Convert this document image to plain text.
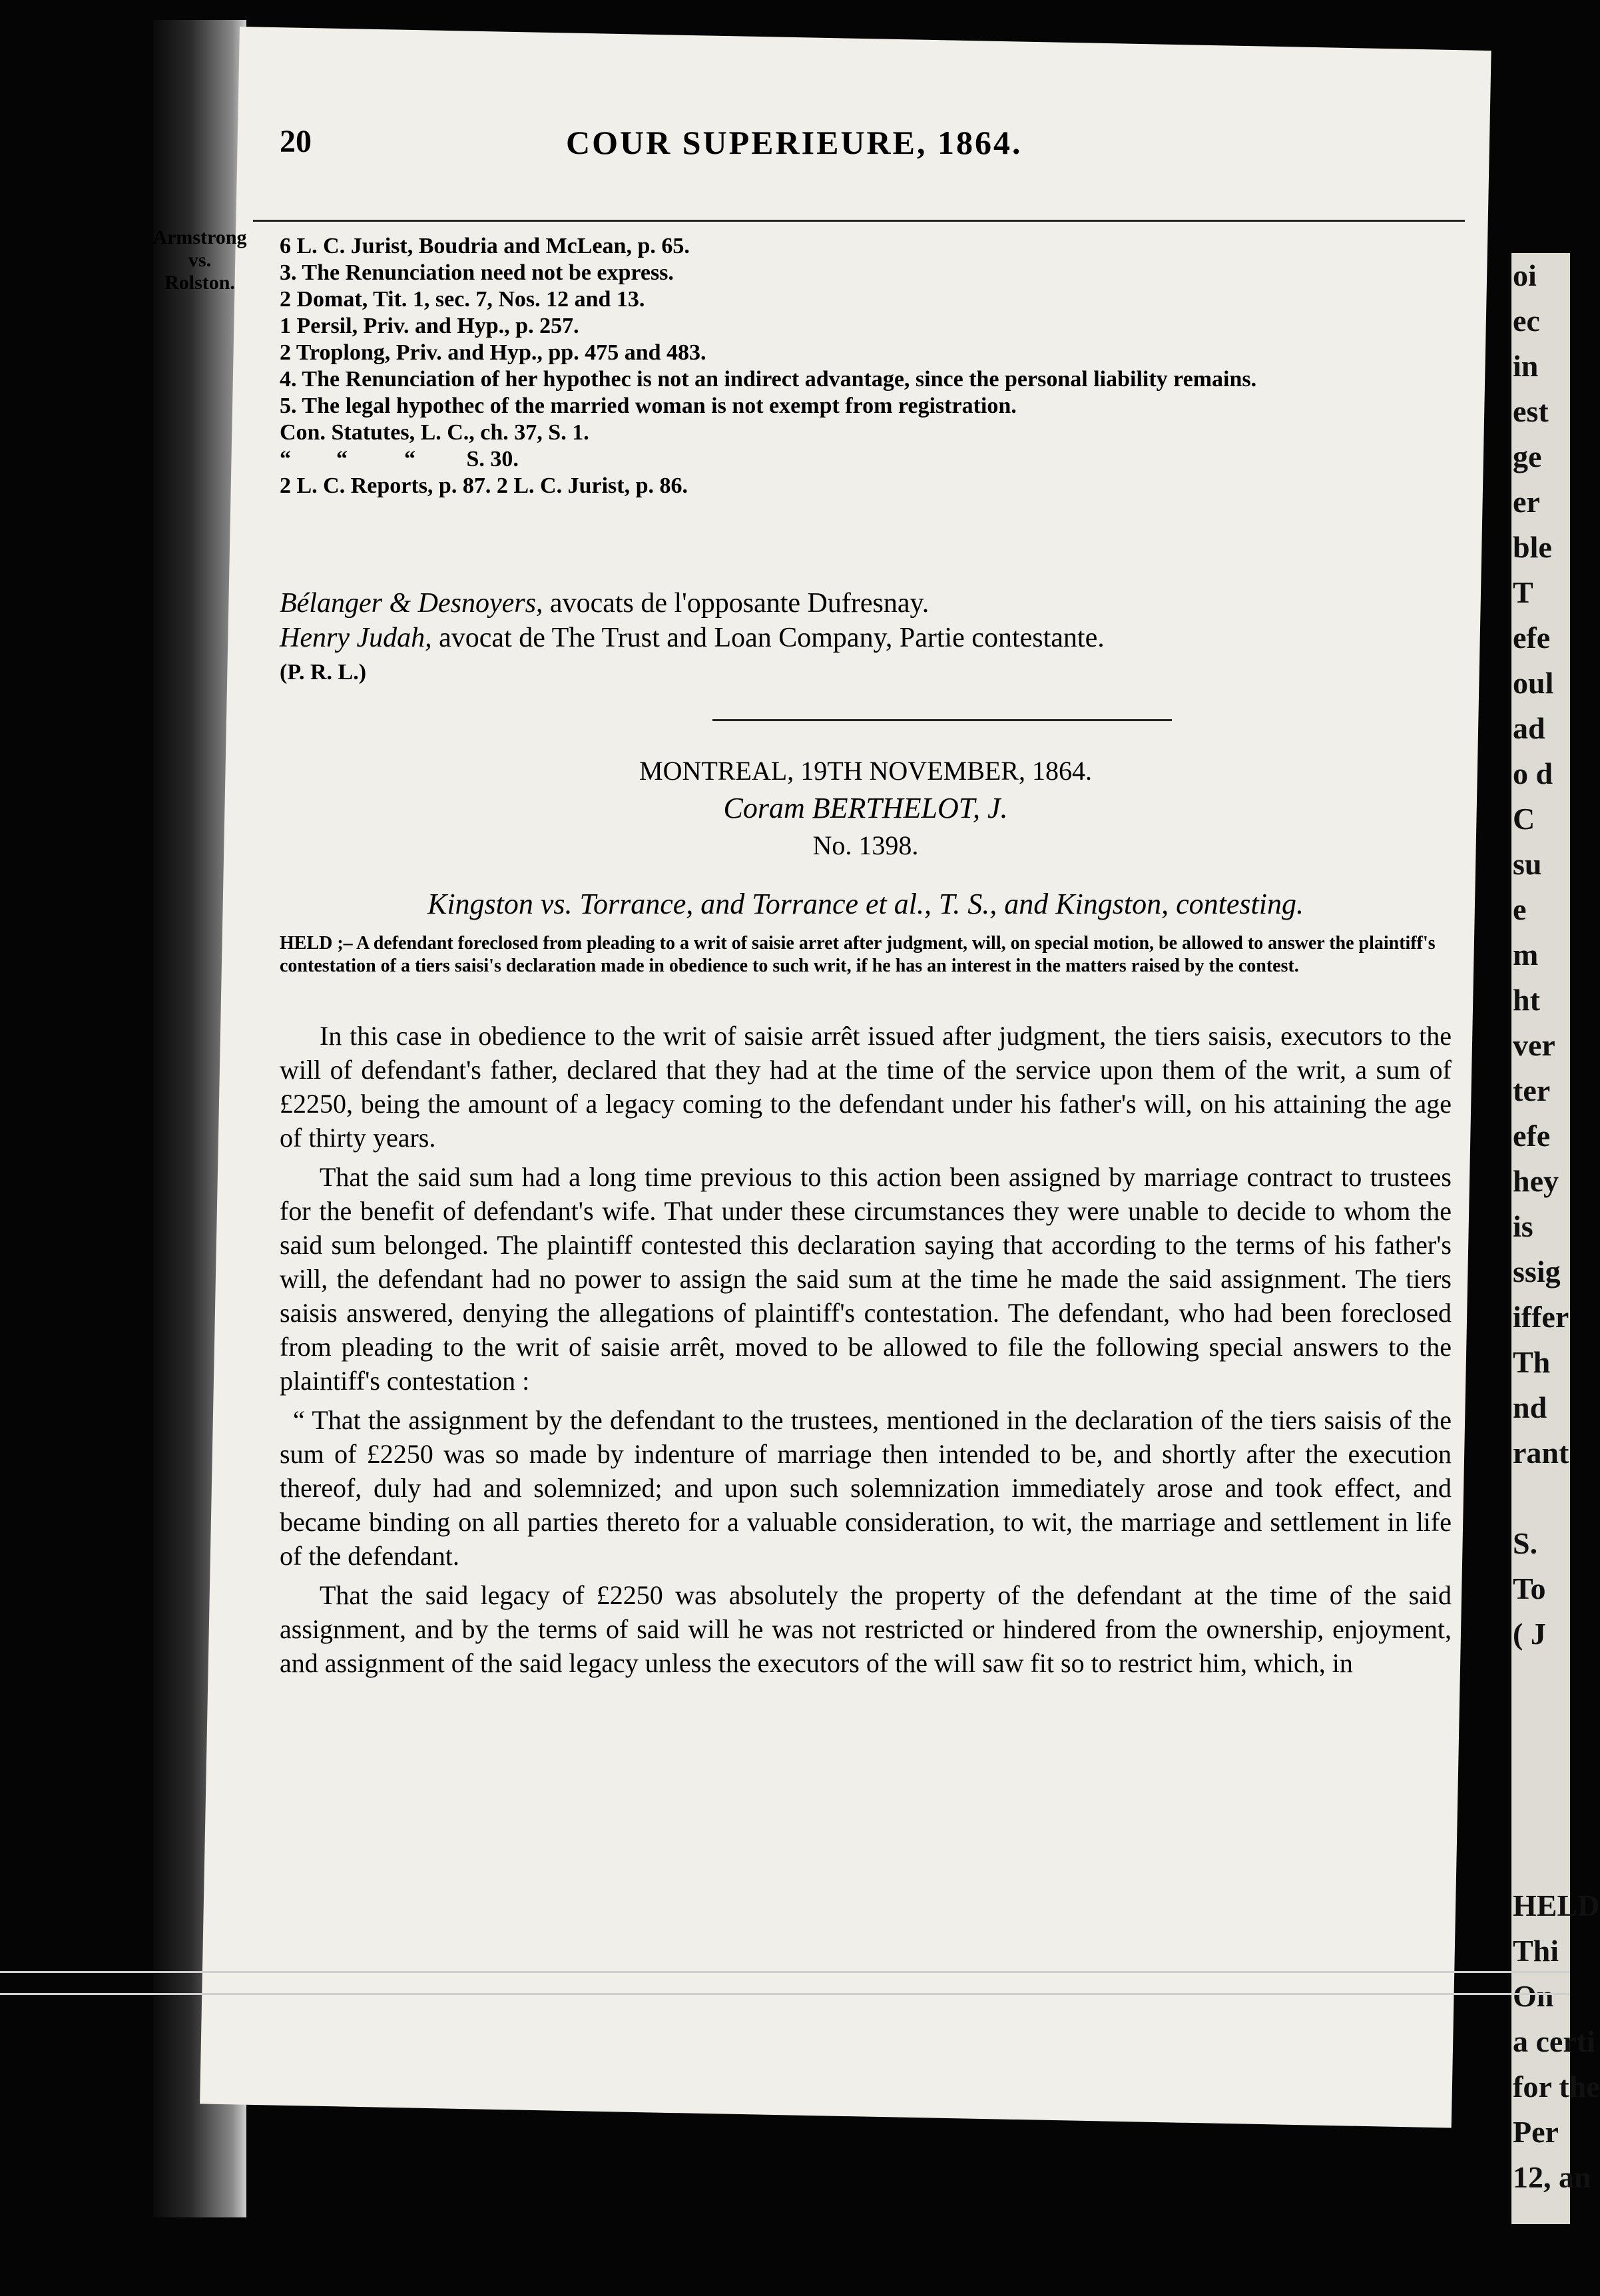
oi
ec
in
est
ge
er
ble
T
efe
oul
ad
o d
C
su
e
m
ht
ver
ter
efe
hey
is
ssig
iffer
Th
nd
rant

S.
To
( J

HELD
Thi
On
a certi
for the
Per
12, an
20	COUR SUPERIEURE, 1864.
Armstrong
vs.
Rolston.
6 L. C. Jurist, Boudria and McLean, p. 65.
3. The Renunciation need not be express.
2 Domat, Tit. 1, sec. 7, Nos. 12 and 13.
1 Persil, Priv. and Hyp., p. 257.
2 Troplong, Priv. and Hyp., pp. 475 and 483.
4. The Renunciation of her hypothec is not an indirect advantage, since the personal liability remains.
5. The legal hypothec of the married woman is not exempt from registration.
Con. Statutes, L. C., ch. 37, S. 1.
“        “          “         S. 30.
2 L. C. Reports, p. 87. 2 L. C. Jurist, p. 86.
Bélanger & Desnoyers, avocats de l'opposante Dufresnay.
Henry Judah, avocat de The Trust and Loan Company, Partie contestante.
(P. R. L.)
MONTREAL, 19TH NOVEMBER, 1864.
Coram BERTHELOT, J.
No. 1398.
Kingston vs. Torrance, and Torrance et al., T. S., and Kingston, contesting.
HELD ;– A defendant foreclosed from pleading to a writ of saisie arret after judgment, will, on special motion, be allowed to answer the plaintiff's contestation of a tiers saisi's declaration made in obedience to such writ, if he has an interest in the matters raised by the contest.

In this case in obedience to the writ of saisie arrêt issued after judgment, the tiers saisis, executors to the will of defendant's father, declared that they had at the time of the service upon them of the writ, a sum of £2250, being the amount of a legacy coming to the defendant under his father's will, on his attaining the age of thirty years.

That the said sum had a long time previous to this action been assigned by marriage contract to trustees for the benefit of defendant's wife. That under these circumstances they were unable to decide to whom the said sum belonged. The plaintiff contested this declaration saying that according to the terms of his father's will, the defendant had no power to assign the said sum at the time he made the said assignment. The tiers saisis answered, denying the allegations of plaintiff's contestation. The defendant, who had been foreclosed from pleading to the writ of saisie arrêt, moved to be allowed to file the following special answers to the plaintiff's contestation :

“ That the assignment by the defendant to the trustees, mentioned in the declaration of the tiers saisis of the sum of £2250 was so made by indenture of marriage then intended to be, and shortly after the execution thereof, duly had and solemnized; and upon such solemnization immediately arose and took effect, and became binding on all parties thereto for a valuable consideration, to wit, the marriage and settlement in life of the defendant.

That the said legacy of £2250 was absolutely the property of the defendant at the time of the said assignment, and by the terms of said will he was not restricted or hindered from the ownership, enjoyment, and assignment of the said legacy unless the executors of the will saw fit so to restrict him, which, in
